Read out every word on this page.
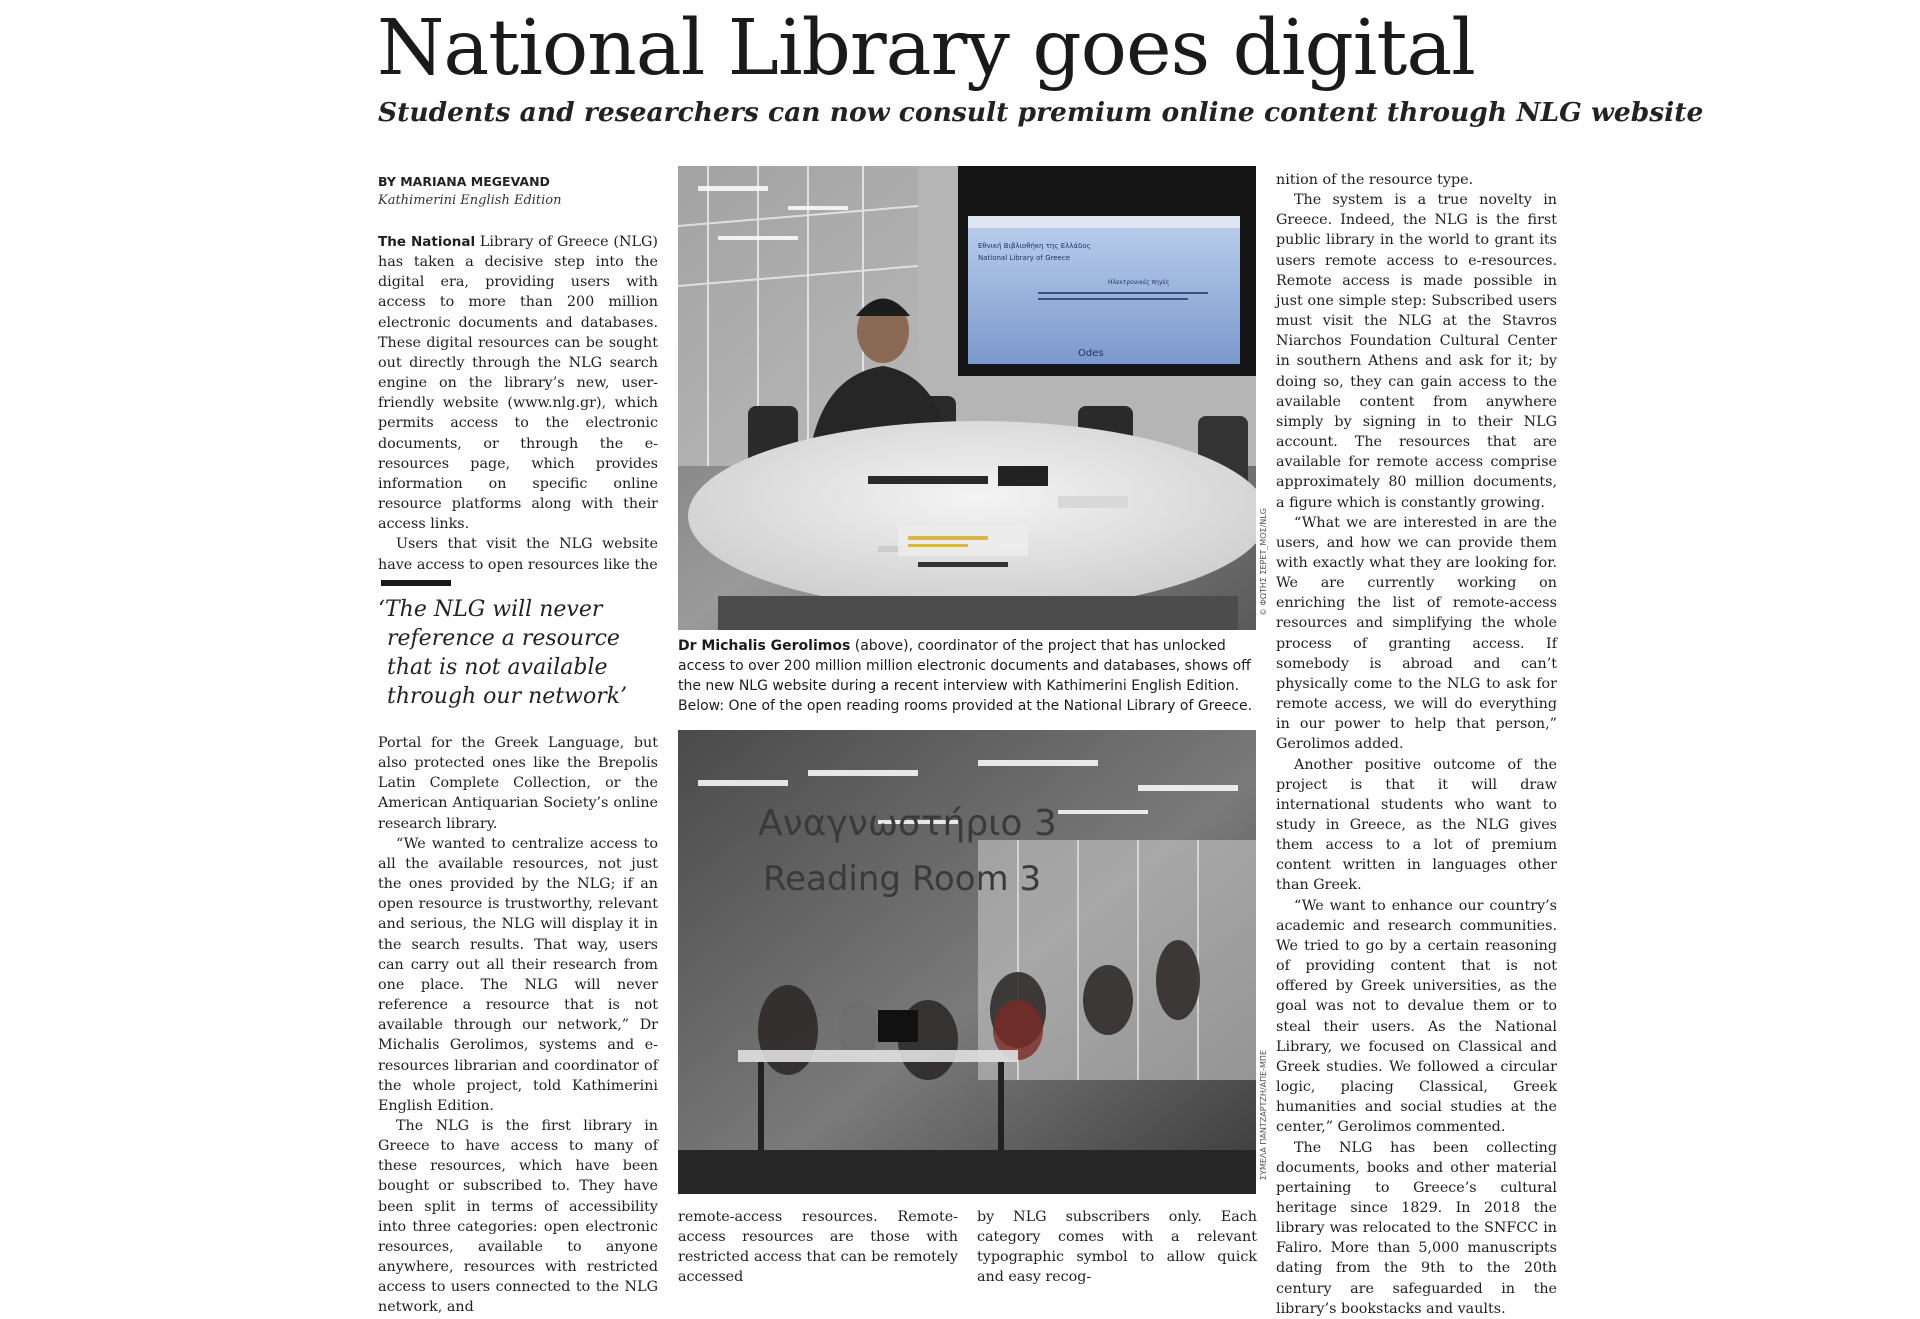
National Library goes digital
Students and researchers can now consult premium online content through NLG website
BY MARIANA MEGEVAND
Kathimerini English Edition

The National Library of Greece (NLG) has taken a decisive step into the digital era, providing users with access to more than 200 million electronic documents and databases. These digital resources can be sought out directly through the NLG search engine on the library’s new, user-friendly website (www.nlg.gr), which permits access to the electronic documents, or through the e-resources page, which provides information on specific online resource platforms along with their access links.

Users that visit the NLG website have access to open resources like the

‘The NLG will never reference a resource that is not available through our network’

Portal for the Greek Language, but also protected ones like the Brepolis Latin Complete Collection, or the American Antiquarian Society’s online research library.

“We wanted to centralize access to all the available resources, not just the ones provided by the NLG; if an open resource is trustworthy, relevant and serious, the NLG will display it in the search results. That way, users can carry out all their research from one place. The NLG will never reference a resource that is not available through our network,” Dr Michalis Gerolimos, systems and e-resources librarian and coordinator of the whole project, told Kathimerini English Edition.

The NLG is the first library in Greece to have access to many of these resources, which have been bought or subscribed to. They have been split in terms of accessibility into three categories: open electronic resources, available to anyone anywhere, resources with restricted access to users connected to the NLG network, and

Εθνική Βιβλιοθήκη της Ελλάδος
National Library of Greece
Ηλεκτρονικές πηγές
Odes
© ΦΩΤΗΣ ΣΕΡΕΤ_ΜΟΣ/NLG
Dr Michalis Gerolimos (above), coordinator of the project that has unlocked access to over 200 million million electronic documents and databases, shows off the new NLG website during a recent interview with Kathimerini English Edition. Below: One of the open reading rooms provided at the National Library of Greece.
Αναγνωστήριο 3
Reading Room 3
ΣΥΜΕΛΑ ΠΑΝΤΖΑΡΤΖΗ/ΑΠΕ-ΜΠΕ

remote-access resources. Remote-access resources are those with restricted access that can be remotely accessed

by NLG subscribers only. Each category comes with a relevant typographic symbol to allow quick and easy recog-

nition of the resource type.

The system is a true novelty in Greece. Indeed, the NLG is the first public library in the world to grant its users remote access to e-resources. Remote access is made possible in just one simple step: Subscribed users must visit the NLG at the Stavros Niarchos Foundation Cultural Center in southern Athens and ask for it; by doing so, they can gain access to the available content from anywhere simply by signing in to their NLG account. The resources that are available for remote access comprise approximately 80 million documents, a figure which is constantly growing.

“What we are interested in are the users, and how we can provide them with exactly what they are looking for. We are currently working on enriching the list of remote-access resources and simplifying the whole process of granting access. If somebody is abroad and can’t physically come to the NLG to ask for remote access, we will do everything in our power to help that person,” Gerolimos added.

Another positive outcome of the project is that it will draw international students who want to study in Greece, as the NLG gives them access to a lot of premium content written in languages other than Greek.

“We want to enhance our country’s academic and research communities. We tried to go by a certain reasoning of providing content that is not offered by Greek universities, as the goal was not to devalue them or to steal their users. As the National Library, we focused on Classical and Greek studies. We followed a circular logic, placing Classical, Greek humanities and social studies at the center,” Gerolimos commented.

The NLG has been collecting documents, books and other material pertaining to Greece’s cultural heritage since 1829. In 2018 the library was relocated to the SNFCC in Faliro. More than 5,000 manuscripts dating from the 9th to the 20th century are safeguarded in the library’s bookstacks and vaults.
